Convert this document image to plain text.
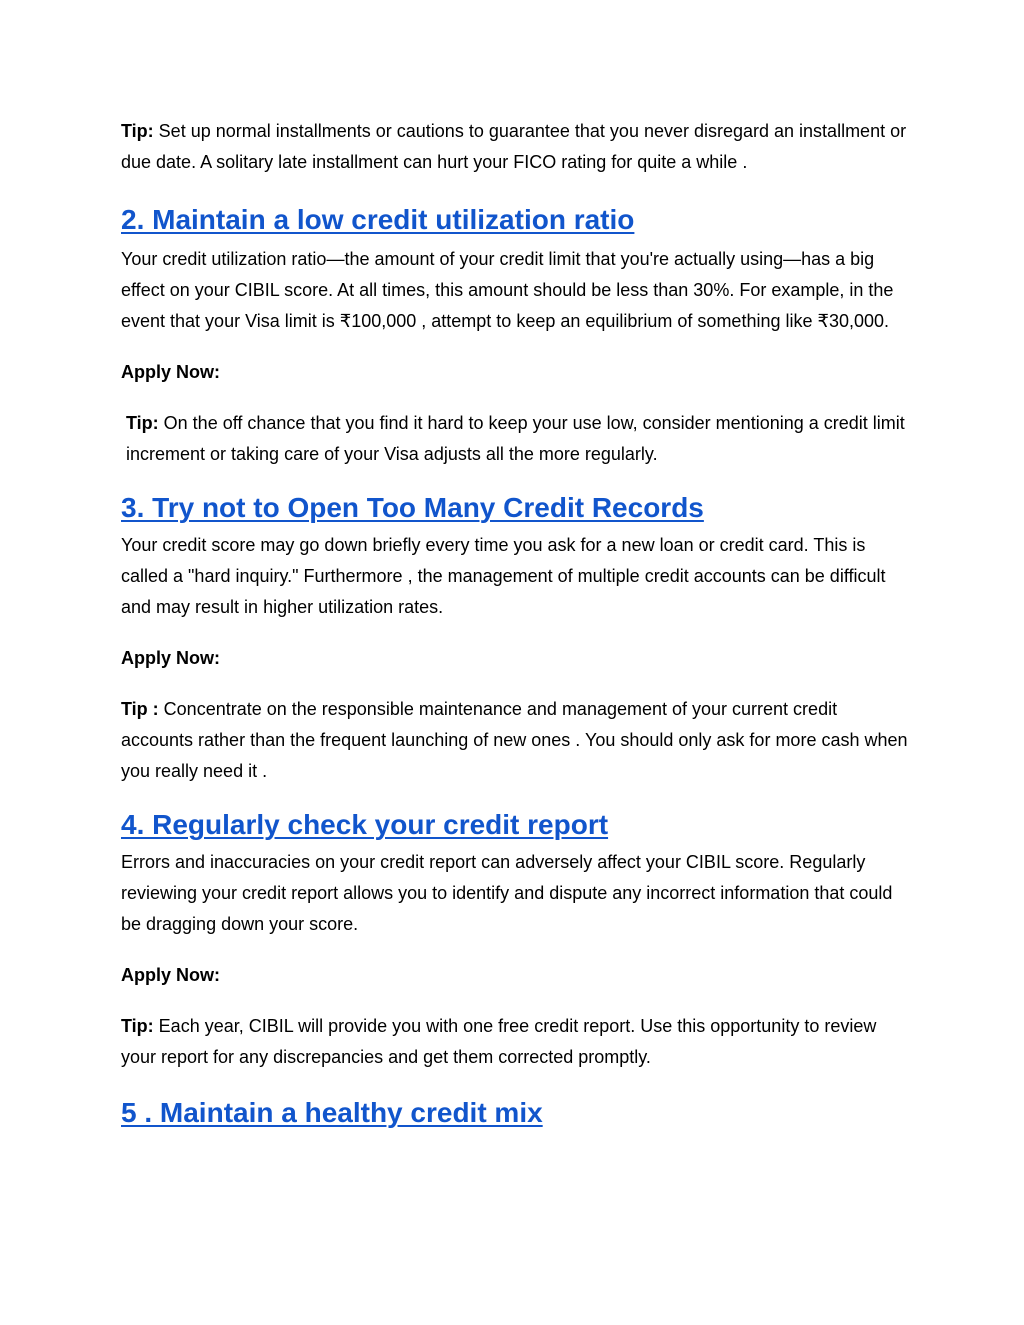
Tip: Set up normal installments or cautions to guarantee that you never disregard an installment or due date. A solitary late installment can hurt your FICO rating for quite a while .

2. Maintain a low credit utilization ratio

Your credit utilization ratio—the amount of your credit limit that you're actually using—has a big effect on your CIBIL score. At all times, this amount should be less than 30%. For example, in the event that your Visa limit is ₹100,000 , attempt to keep an equilibrium of something like ₹30,000.

Apply Now:

Tip: On the off chance that you find it hard to keep your use low, consider mentioning a credit limit increment or taking care of your Visa adjusts all the more regularly.

3. Try not to Open Too Many Credit Records

Your credit score may go down briefly every time you ask for a new loan or credit card. This is called a "hard inquiry." Furthermore , the management of multiple credit accounts can be difficult and may result in higher utilization rates.

Apply Now:

Tip : Concentrate on the responsible maintenance and management of your current credit accounts rather than the frequent launching of new ones . You should only ask for more cash when you really need it .

4. Regularly check your credit report

Errors and inaccuracies on your credit report can adversely affect your CIBIL score. Regularly reviewing your credit report allows you to identify and dispute any incorrect information that could be dragging down your score.

Apply Now:

Tip: Each year, CIBIL will provide you with one free credit report. Use this opportunity to review your report for any discrepancies and get them corrected promptly.

5 . Maintain a healthy credit mix
